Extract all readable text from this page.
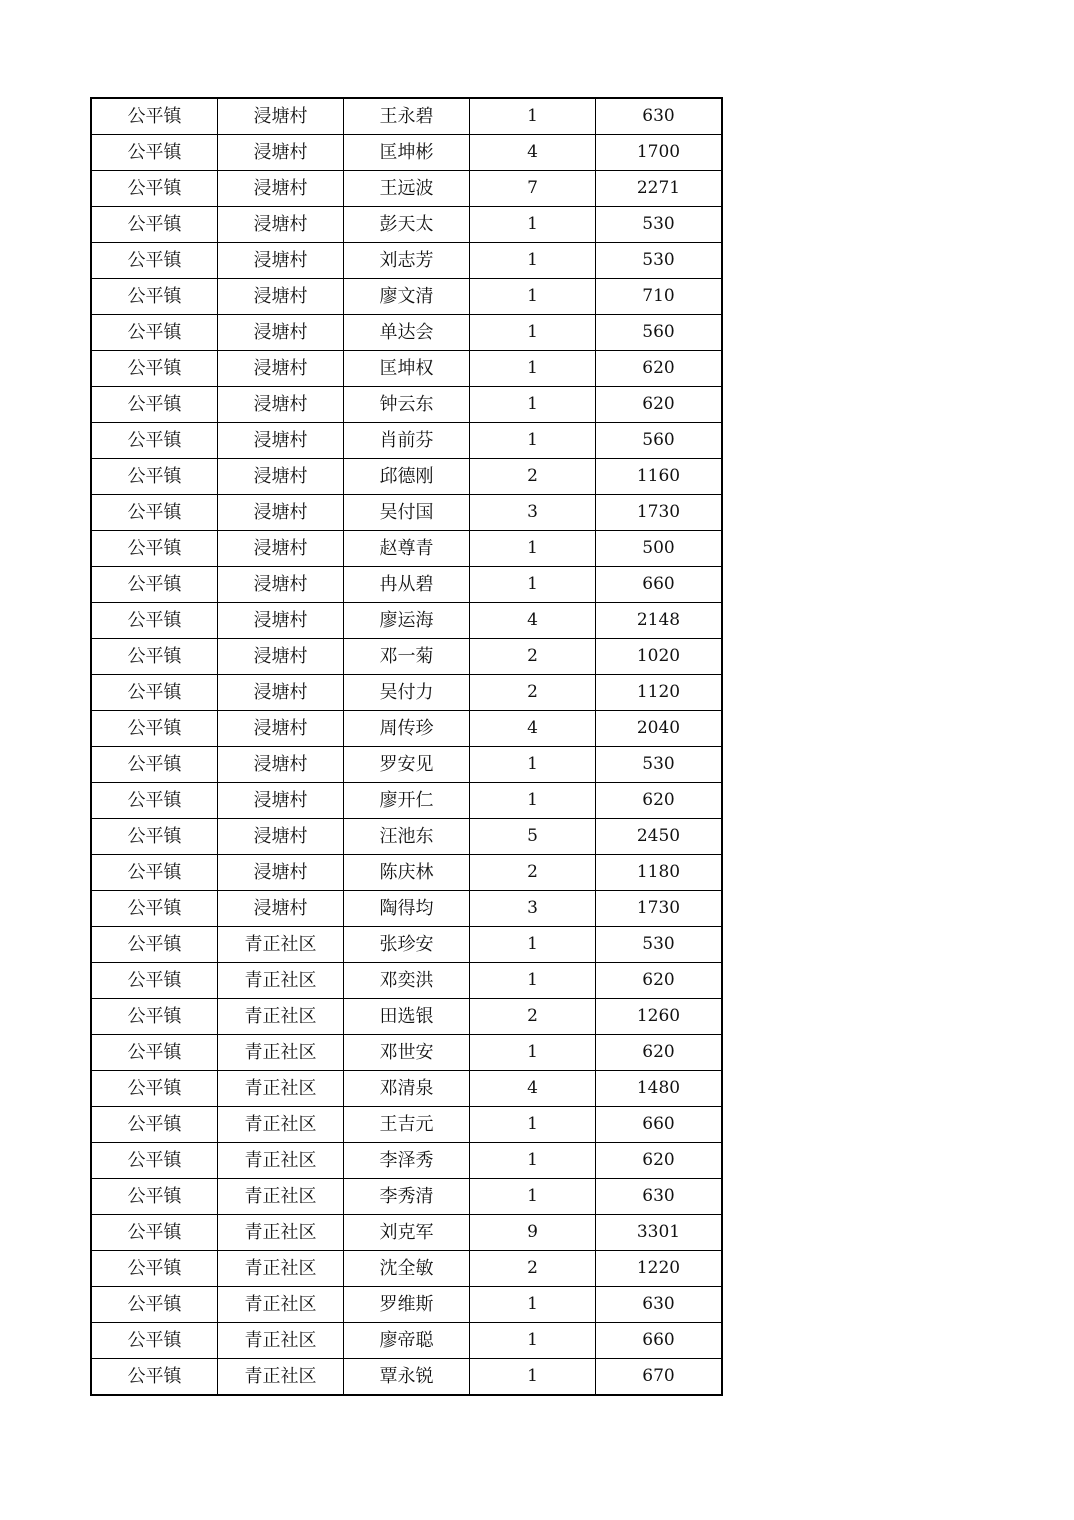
公平镇	浸塘村	王永碧	1	630
公平镇	浸塘村	匡坤彬	4	1700
公平镇	浸塘村	王远波	7	2271
公平镇	浸塘村	彭天太	1	530
公平镇	浸塘村	刘志芳	1	530
公平镇	浸塘村	廖文清	1	710
公平镇	浸塘村	单达会	1	560
公平镇	浸塘村	匡坤权	1	620
公平镇	浸塘村	钟云东	1	620
公平镇	浸塘村	肖前芬	1	560
公平镇	浸塘村	邱德刚	2	1160
公平镇	浸塘村	吴付国	3	1730
公平镇	浸塘村	赵尊青	1	500
公平镇	浸塘村	冉从碧	1	660
公平镇	浸塘村	廖运海	4	2148
公平镇	浸塘村	邓一菊	2	1020
公平镇	浸塘村	吴付力	2	1120
公平镇	浸塘村	周传珍	4	2040
公平镇	浸塘村	罗安见	1	530
公平镇	浸塘村	廖开仁	1	620
公平镇	浸塘村	汪池东	5	2450
公平镇	浸塘村	陈庆林	2	1180
公平镇	浸塘村	陶得均	3	1730
公平镇	青正社区	张珍安	1	530
公平镇	青正社区	邓奕洪	1	620
公平镇	青正社区	田选银	2	1260
公平镇	青正社区	邓世安	1	620
公平镇	青正社区	邓清泉	4	1480
公平镇	青正社区	王吉元	1	660
公平镇	青正社区	李泽秀	1	620
公平镇	青正社区	李秀清	1	630
公平镇	青正社区	刘克军	9	3301
公平镇	青正社区	沈全敏	2	1220
公平镇	青正社区	罗维斯	1	630
公平镇	青正社区	廖帝聪	1	660
公平镇	青正社区	覃永锐	1	670
